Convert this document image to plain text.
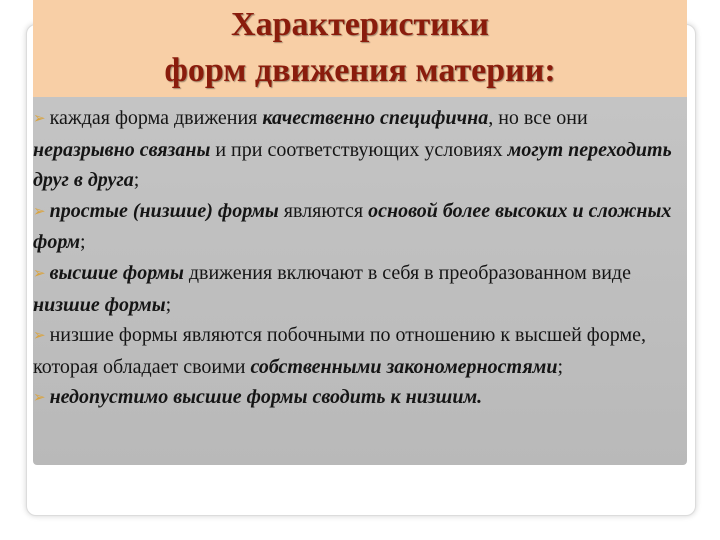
Характеристики
форм движения материи:

➢ каждая форма движения качественно специфична, но все они неразрывно связаны и при соответствующих условиях могут переходить друг в друга;

➢ простые (низшие) формы являются основой более высоких и сложных форм;

➢ высшие формы движения включают в себя в преобразованном виде низшие формы;

➢ низшие формы являются побочными по отношению к высшей форме, которая обладает своими собственными закономерностями;

➢ недопустимо высшие формы сводить к низшим.
